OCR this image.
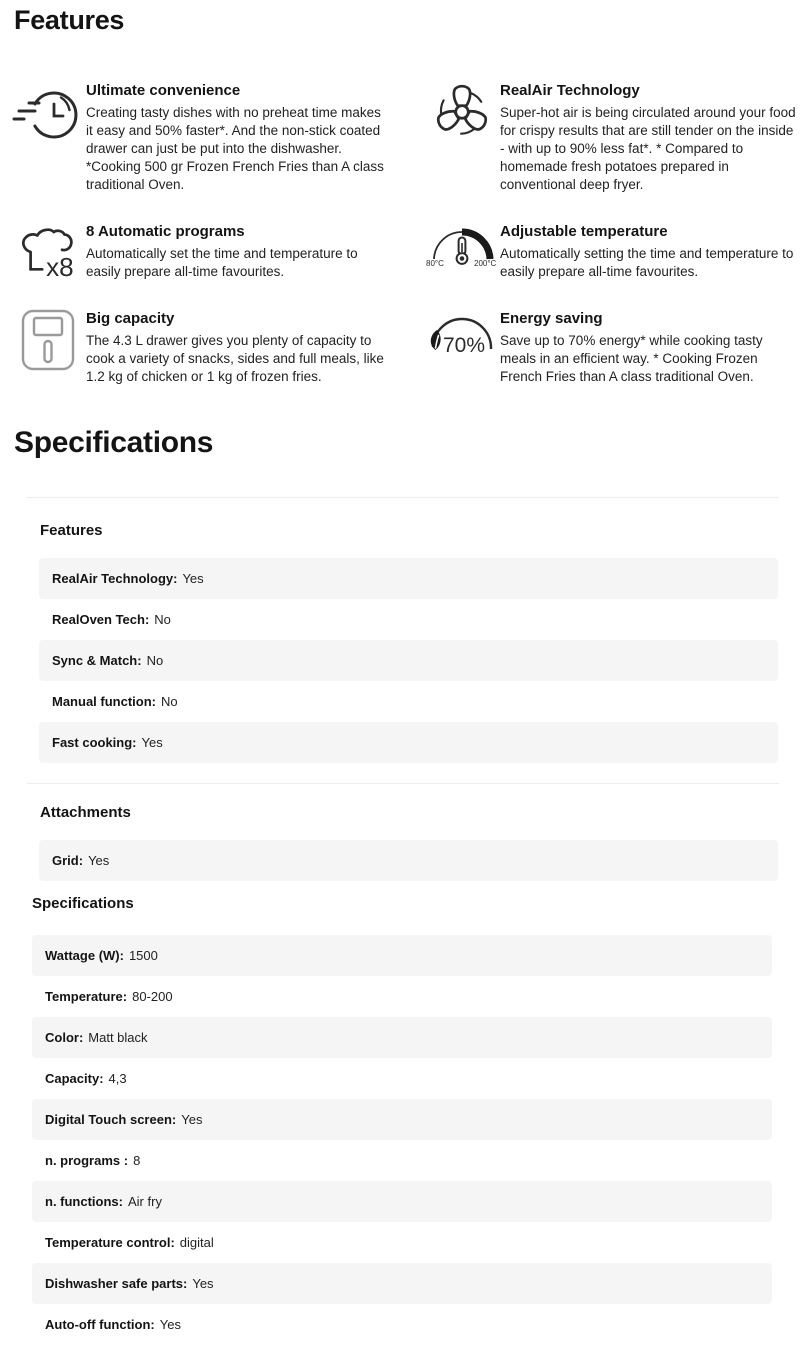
Features
Ultimate convenience
Creating tasty dishes with no preheat time makes it easy and 50% faster*. And the non-stick coated drawer can just be put into the dishwasher. *Cooking 500 gr Frozen French Fries than A class traditional Oven.
RealAir Technology
Super-hot air is being circulated around your food for crispy results that are still tender on the inside - with up to 90% less fat*. * Compared to homemade fresh potatoes prepared in conventional deep fryer.
x8
8 Automatic programs
Automatically set the time and temperature to easily prepare all-time favourites.
80°C	200°C
Adjustable temperature
Automatically setting the time and temperature to easily prepare all-time favourites.
Big capacity
The 4.3 L drawer gives you plenty of capacity to cook a variety of snacks, sides and full meals, like 1.2 kg of chicken or 1 kg of frozen fries.
70%
Energy saving
Save up to 70% energy* while cooking tasty meals in an efficient way. * Cooking Frozen French Fries than A class traditional Oven.
Specifications
Features
RealAir Technology: Yes
RealOven Tech: No
Sync & Match: No
Manual function: No
Fast cooking: Yes
Attachments
Grid: Yes
Specifications
Wattage (W): 1500
Temperature: 80-200
Color: Matt black
Capacity: 4,3
Digital Touch screen: Yes
n. programs : 8
n. functions: Air fry
Temperature control: digital
Dishwasher safe parts: Yes
Auto-off function: Yes
